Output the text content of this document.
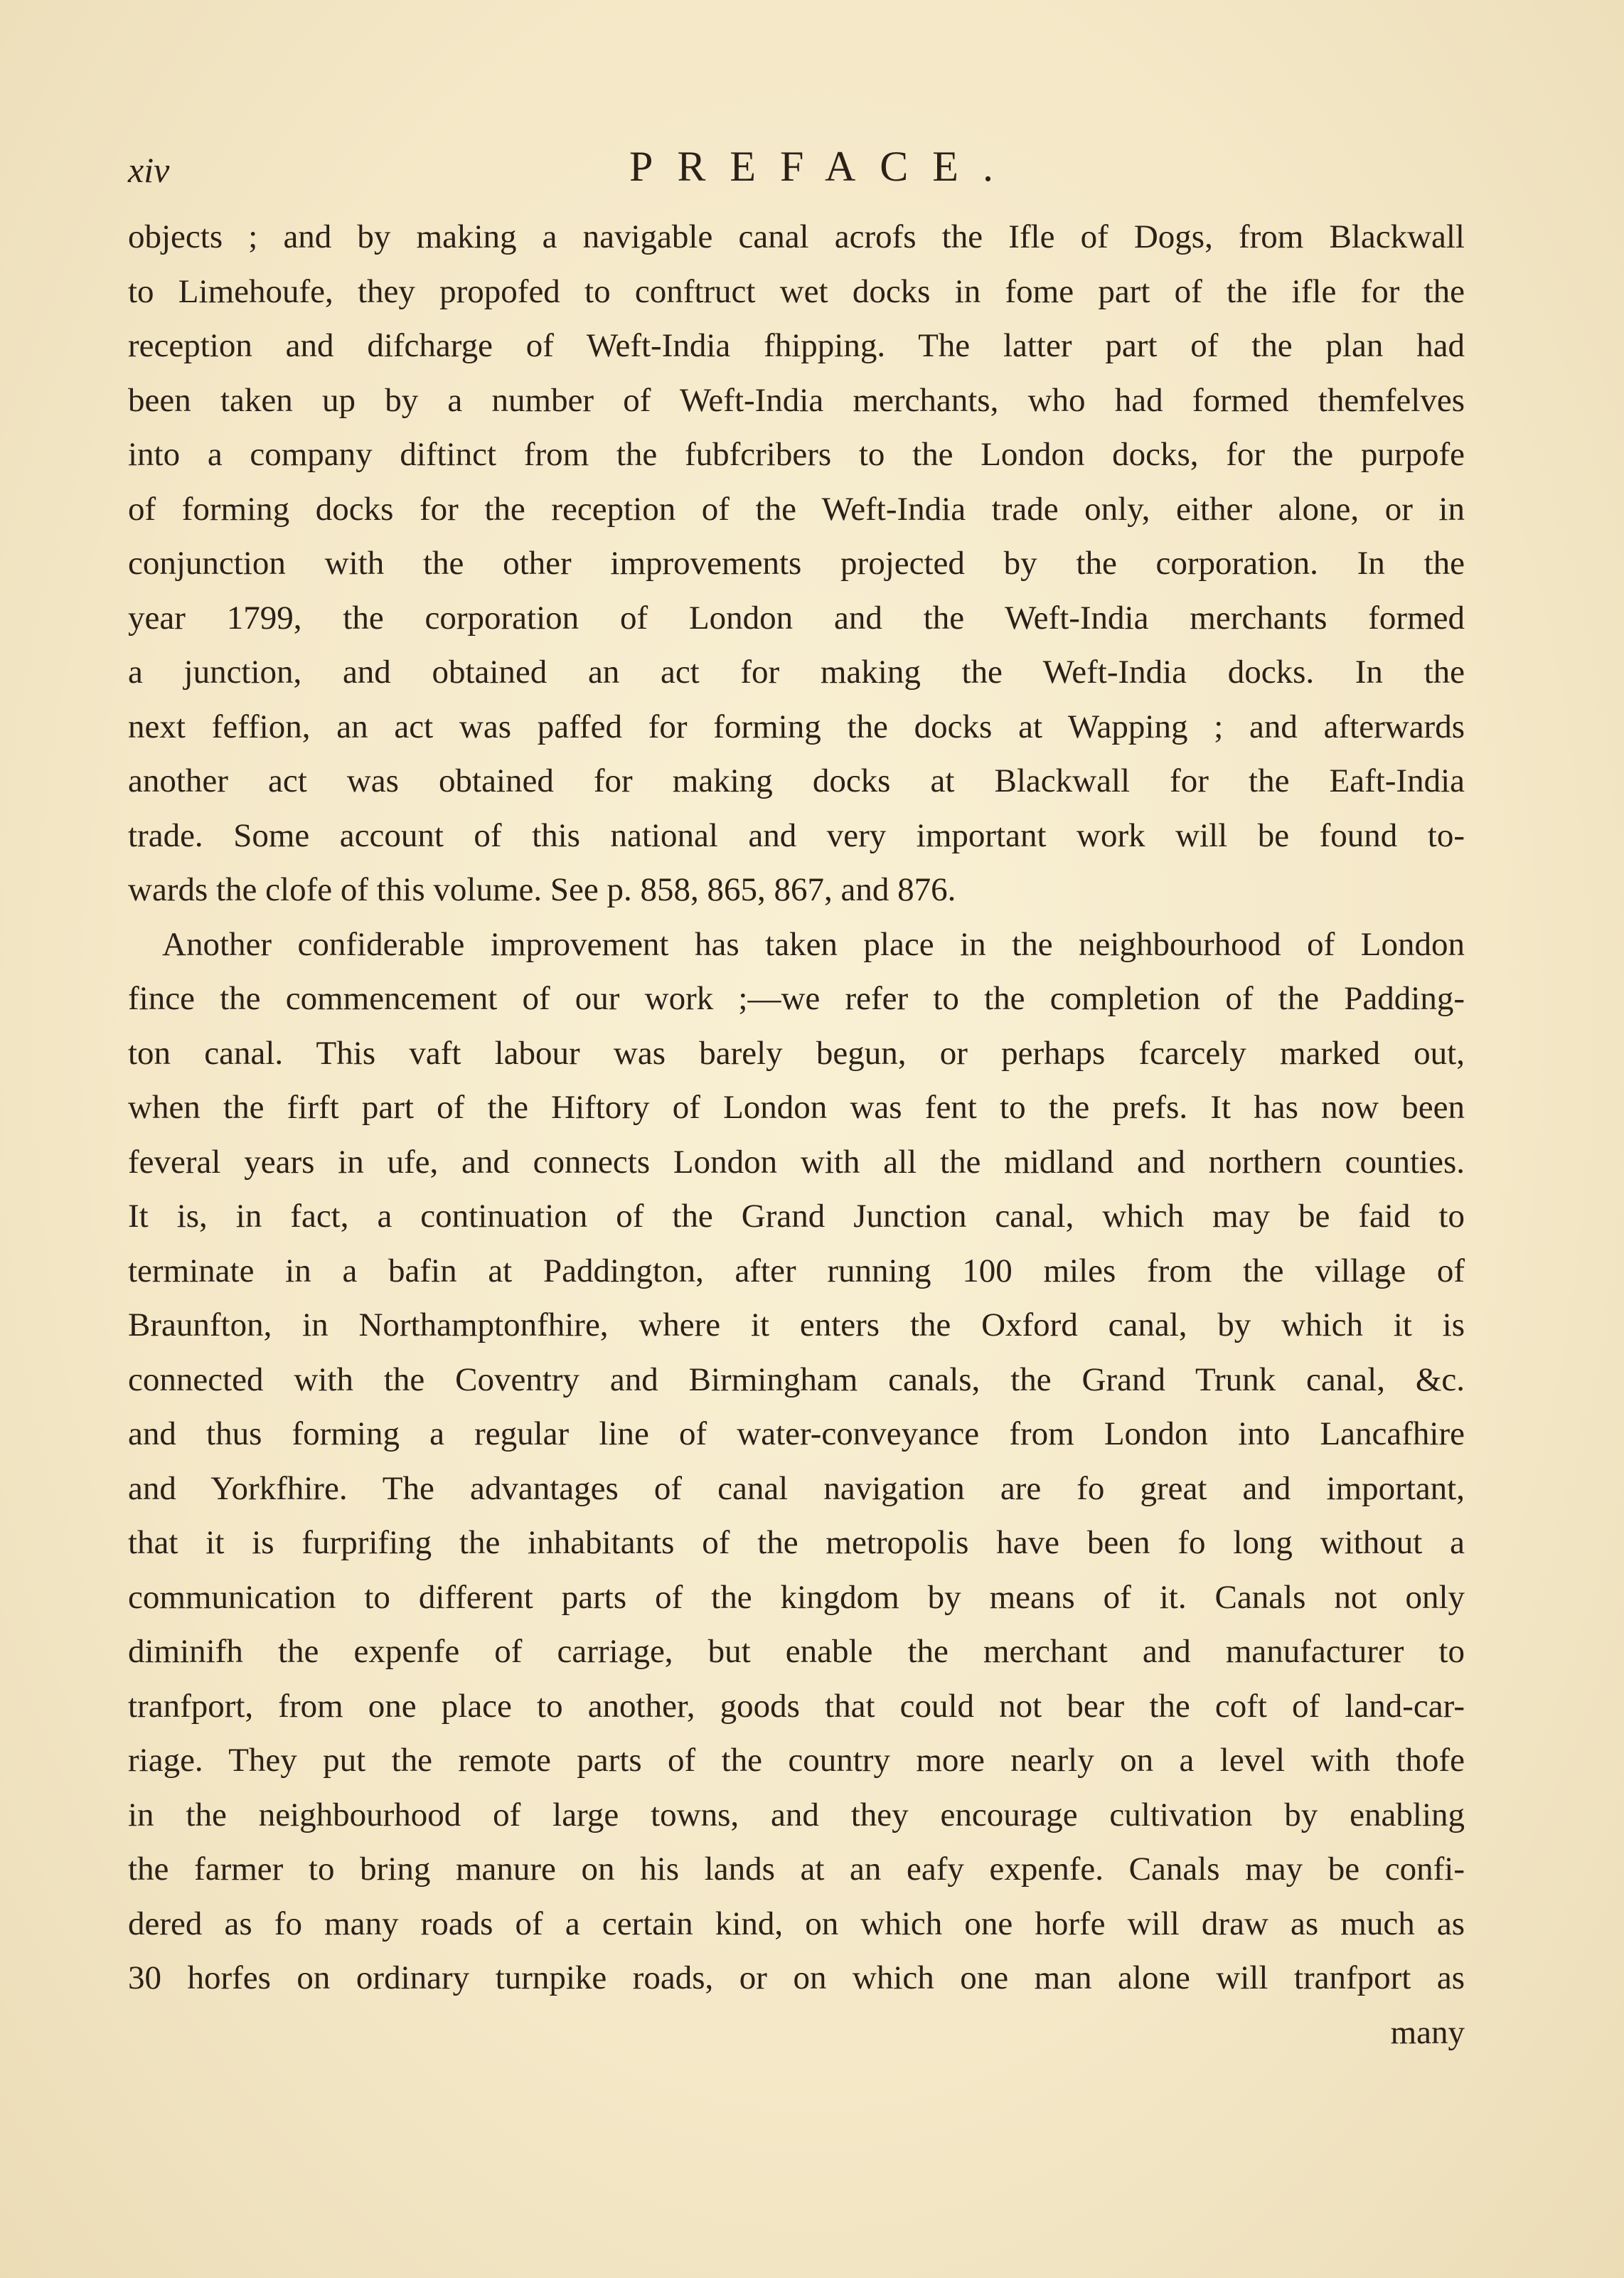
xiv	PREFACE.
objects ; and by making a navigable canal acrofs the Ifle of Dogs, from Blackwall
to Limehoufe, they propofed to conftruct wet docks in fome part of the ifle for the
reception and difcharge of Weft-India fhipping. The latter part of the plan had
been taken up by a number of Weft-India merchants, who had formed themfelves
into a company diftinct from the fubfcribers to the London docks, for the purpofe
of forming docks for the reception of the Weft-India trade only, either alone, or in
conjunction with the other improvements projected by the corporation. In the
year 1799, the corporation of London and the Weft-India merchants formed
a junction, and obtained an act for making the Weft-India docks. In the
next feffion, an act was paffed for forming the docks at Wapping ; and afterwards
another act was obtained for making docks at Blackwall for the Eaft-India
trade. Some account of this national and very important work will be found to-
wards the clofe of this volume. See p. 858, 865, 867, and 876.
Another confiderable improvement has taken place in the neighbourhood of London
fince the commencement of our work ;—we refer to the completion of the Padding-
ton canal. This vaft labour was barely begun, or perhaps fcarcely marked out,
when the firft part of the Hiftory of London was fent to the prefs. It has now been
feveral years in ufe, and connects London with all the midland and northern counties.
It is, in fact, a continuation of the Grand Junction canal, which may be faid to
terminate in a bafin at Paddington, after running 100 miles from the village of
Braunfton, in Northamptonfhire, where it enters the Oxford canal, by which it is
connected with the Coventry and Birmingham canals, the Grand Trunk canal, &c.
and thus forming a regular line of water-conveyance from London into Lancafhire
and Yorkfhire. The advantages of canal navigation are fo great and important,
that it is furprifing the inhabitants of the metropolis have been fo long without a
communication to different parts of the kingdom by means of it. Canals not only
diminifh the expenfe of carriage, but enable the merchant and manufacturer to
tranfport, from one place to another, goods that could not bear the coft of land-car-
riage. They put the remote parts of the country more nearly on a level with thofe
in the neighbourhood of large towns, and they encourage cultivation by enabling
the farmer to bring manure on his lands at an eafy expenfe. Canals may be confi-
dered as fo many roads of a certain kind, on which one horfe will draw as much as
30 horfes on ordinary turnpike roads, or on which one man alone will tranfport as
many
